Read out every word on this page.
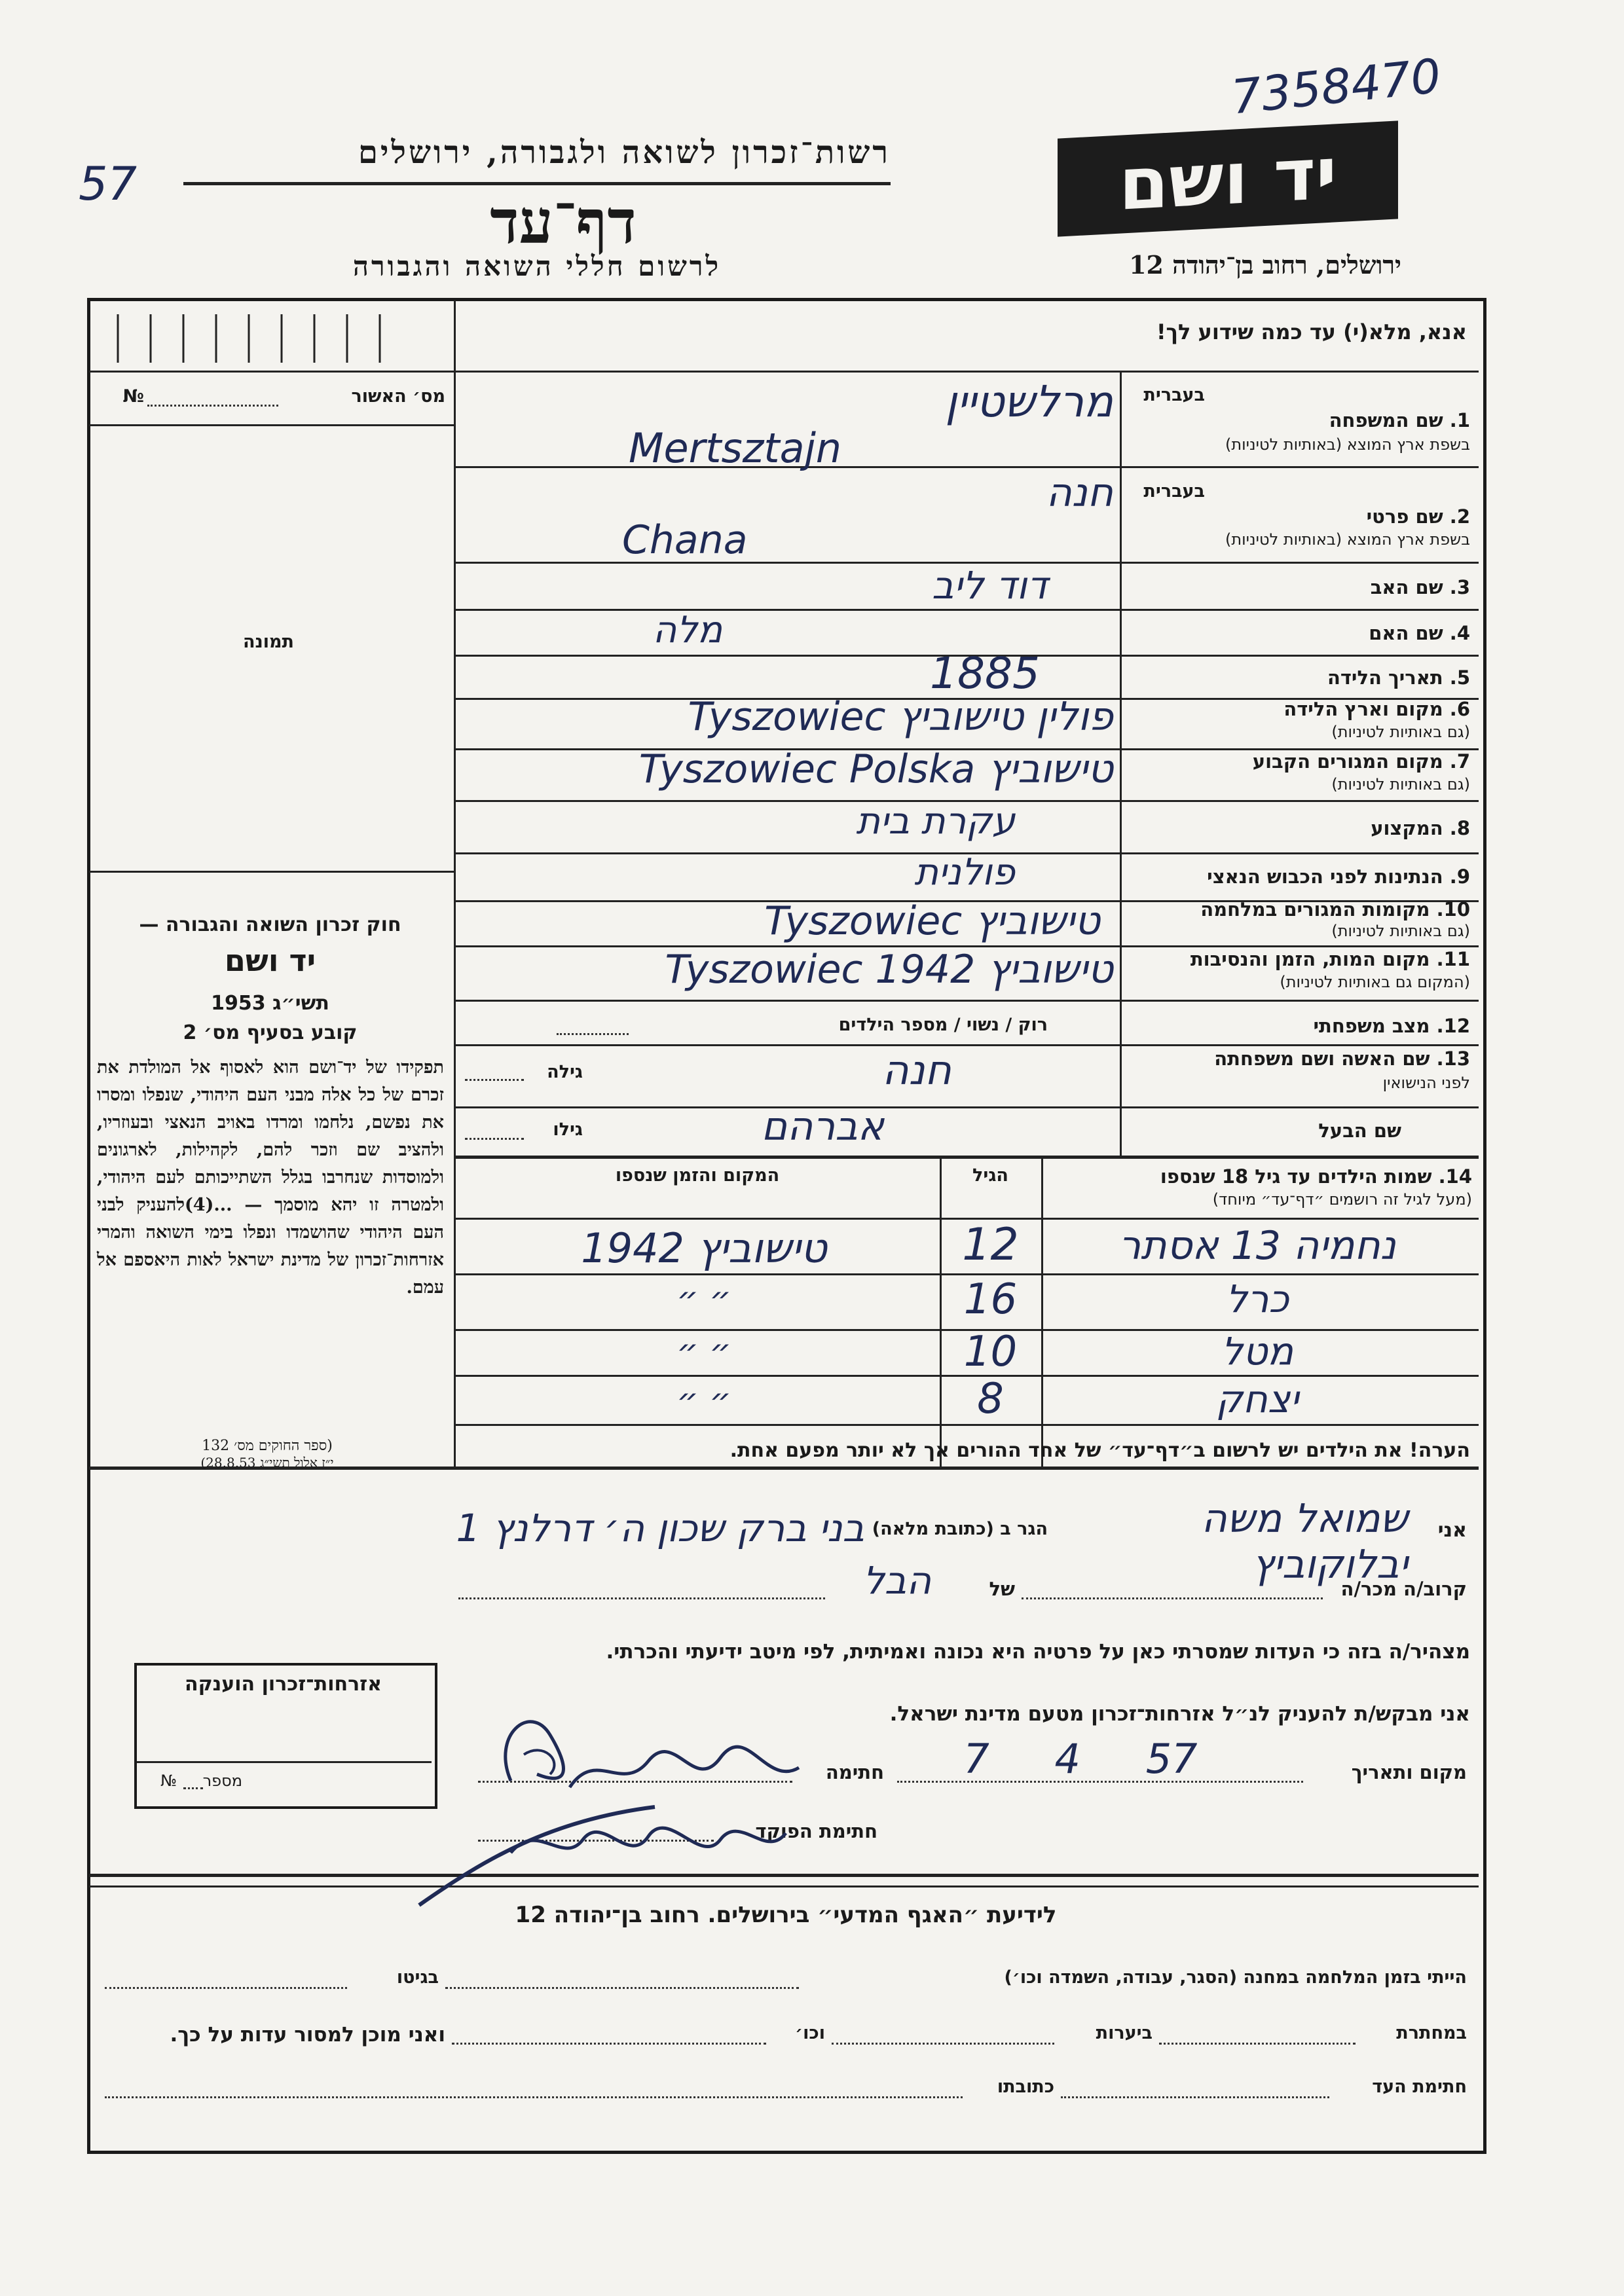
7358470
57
רשות־זכרון לשואה ולגבורה, ירושלים
דף־עד
לרשום חללי השואה והגבורה
יד ושם
ירושלים, רחוב בן־יהודה 12
אנא, מלא(י) עד כמה שידוע לך!
מס׳ האשור
№
תמונה
חוק זכרון השואה והגבורה —
יד ושם
תשי״ג 1953
קובע בסעיף מס׳ 2
תפקידו של יד־ושם הוא לאסוף אל המולדת את זכרם של כל אלה מבני העם היהודי, שנפלו ומסרו את נפשם, נלחמו ומרדו באויב הנאצי ובעוזריו, ולהציב שם וזכר להם, לקהילות, לארגונים ולמוסדות שנחרבו בגלל השתייכותם לעם היהודי, ולמטרה זו יהא מוסמך — ...(4)להעניק לבני העם היהודי שהושמדו ונפלו בימי השואה והמרי אזרחות־זכרון של מדינת ישראל לאות היאספם אל עמם.
(ספר החוקים מס׳ 132
י״ז אלול תשי״ג 28.8.53)
בעברית
1. שם המשפחה
בשפת ארץ המוצא (באותיות לטיניות)
בעברית
2. שם פרטי
בשפת ארץ המוצא (באותיות לטיניות)
3. שם האב
4. שם האם
5. תאריך הלידה
6. מקום וארץ הלידה
(גם באותיות לטיניות)
7. מקום המגורים הקבוע
(גם באותיות לטיניות)
8. המקצוע
9. הנתינות לפני הכבוש הנאצי
10. מקומות המגורים במלחמה
(גם באותיות לטיניות)
11. מקום המות, הזמן והנסיבות
(המקום גם באותיות לטיניות)
12. מצב משפחתי
13. שם האשה ושם משפחתה
לפני הנישואין
שם הבעל
מרלשטיין
Mertsztajn
חנה
Chana
דוד ליב
מלה
1885
פולין טישוביץ Tyszowiec
טישוביץ Tyszowiec Polska
עקרת בית
פולנית
טישוביץ Tyszowiec
טישוביץ Tyszowiec 1942
רוק / נשוי / מספר הילדים
גילה	חנה
גילו	אברהם
14. שמות הילדים עד גיל 18 שנספו
(מעל לגיל זה רושמים ״דף־עד״ מיוחד)
הגיל
המקום והזמן שנספו
נחמיה 13 אסתר
12
טישוביץ 1942
כרל
16
״ ״
מטל
10
״ ״
יצחק
8
״ ״
הערה! את הילדים יש לרשום ב״דף־עד״ של אחד ההורים אך לא יותר מפעם אחת.
אזרחות־זכרון הוענקה
מספר
№
אני
שמואל משה יבלוקוביץ
הגר ב (כתובת מלאה)
בני ברק שכון ה׳ דרלנץ 1
קרוב/ה מכר/ה
של
הבל
מצהיר/ה בזה כי העדות שמסרתי כאן על פרטיה היא נכונה ואמיתית, לפי מיטב ידיעתי והכרתי.
אני מבקש/ת להעניק לנ״ל אזרחות־זכרון מטעם מדינת ישראל.
מקום ותאריך
7 4 57
חתימה
חתימת הפוקד
לידיעת ״האגף המדעי״ בירושלים. רחוב בן־יהודה 12
הייתי בזמן המלחמה במחנה (הסגר, עבודה, השמדה וכו׳)
בגיטו
במחתרת
ביערות
וכו׳
ואני מוכן למסור עדות על כך.
חתימת העד
כתובתו
